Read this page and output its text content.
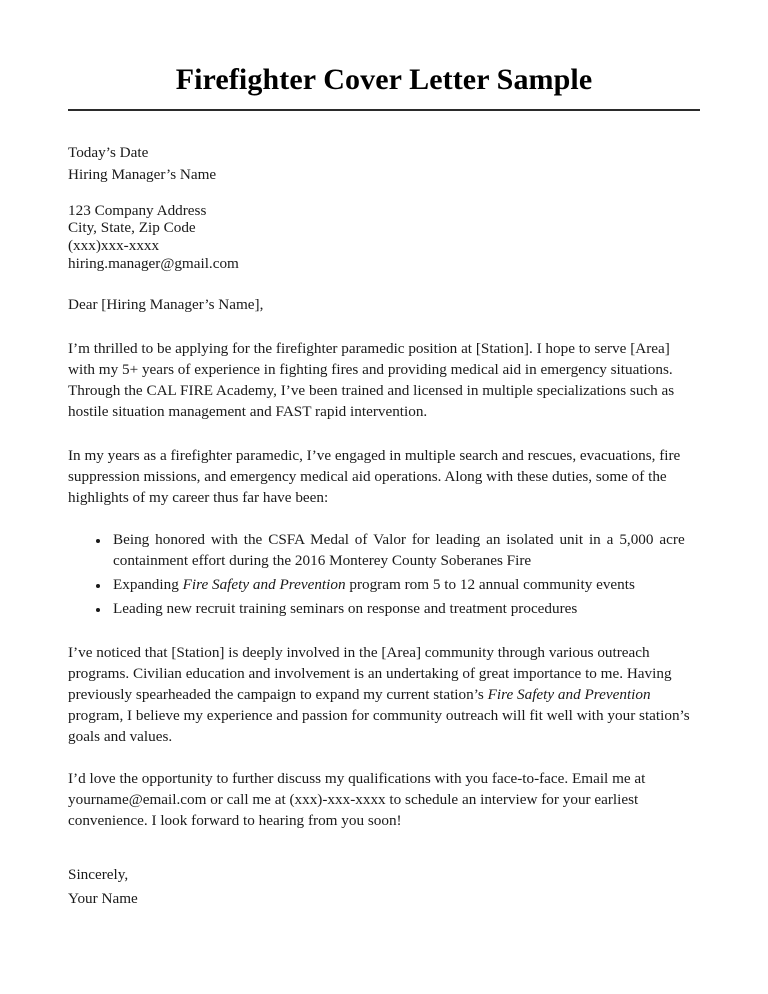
Firefighter Cover Letter Sample
Today’s Date
Hiring Manager’s Name
123 Company Address
City, State, Zip Code
(xxx)xxx-xxxx
hiring.manager@gmail.com

Dear [Hiring Manager’s Name],

I’m thrilled to be applying for the firefighter paramedic position at [Station]. I hope to serve [Area] with my 5+ years of experience in fighting fires and providing medical aid in emergency situations. Through the CAL FIRE Academy, I’ve been trained and licensed in multiple specializations such as hostile situation management and FAST rapid intervention.

In my years as a firefighter paramedic, I’ve engaged in multiple search and rescues, evacuations, fire suppression missions, and emergency medical aid operations. Along with these duties, some of the highlights of my career thus far have been:

Being honored with the CSFA Medal of Valor for leading an isolated unit in a 5,000 acre containment effort during the 2016 Monterey County Soberanes Fire
Expanding Fire Safety and Prevention program rom 5 to 12 annual community events
Leading new recruit training seminars on response and treatment procedures

I’ve noticed that [Station] is deeply involved in the [Area] community through various outreach programs. Civilian education and involvement is an undertaking of great importance to me. Having previously spearheaded the campaign to expand my current station’s Fire Safety and Prevention program, I believe my experience and passion for community outreach will fit well with your station’s goals and values.

I’d love the opportunity to further discuss my qualifications with you face-to-face. Email me at yourname@email.com or call me at (xxx)-xxx-xxxx to schedule an interview for your earliest convenience. I look forward to hearing from you soon!

Sincerely,
Your Name
